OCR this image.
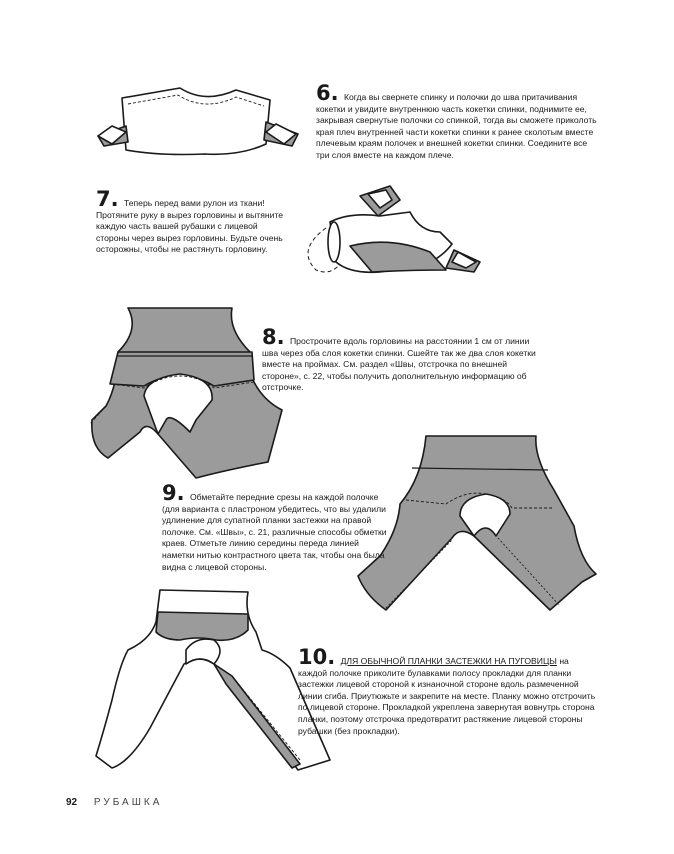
6. Когда вы свернете спинку и полочки до шва притачивания кокетки и увидите внутреннюю часть кокетки спинки, поднимите ее, закрывая свернутые полочки со спинкой, тогда вы сможете приколоть края плеч внутренней части кокетки спинки к ранее сколотым вместе плечевым краям полочек и внешней кокетки спинки. Соедините все три слоя вместе на каждом плече.
7. Теперь перед вами рулон из ткани! Протяните руку в вырез горловины и вытяните каждую часть вашей рубашки с лицевой стороны через вырез горловины. Будьте очень осторожны, чтобы не растянуть горловину.
8. Прострочите вдоль горловины на расстоянии 1 см от линии шва через оба слоя кокетки спинки. Сшейте так же два слоя кокетки вместе на проймах. См. раздел «Швы, отстрочка по внешней стороне», с. 22, чтобы получить дополнительную информацию об отстрочке.
9. Обметайте передние срезы на каждой полочке (для варианта с пластроном убедитесь, что вы удалили удлинение для супатной планки застежки на правой полочке. См. «Швы», с. 21, различные способы обметки краев. Отметьте линию середины переда линией наметки нитью контрастного цвета так, чтобы она была видна с лицевой стороны.
10. ДЛЯ ОБЫЧНОЙ ПЛАНКИ ЗАСТЕЖКИ НА ПУГОВИЦЫ на каждой полочке приколите булавками полосу прокладки для планки застежки лицевой стороной к изнаночной стороне вдоль размеченной линии сгиба. Приутюжьте и закрепите на месте. Планку можно отстрочить по лицевой стороне. Прокладкой укреплена завернутая вовнутрь сторона планки, поэтому отстрочка предотвратит растяжение лицевой стороны рубашки (без прокладки).
92 РУБАШКА
